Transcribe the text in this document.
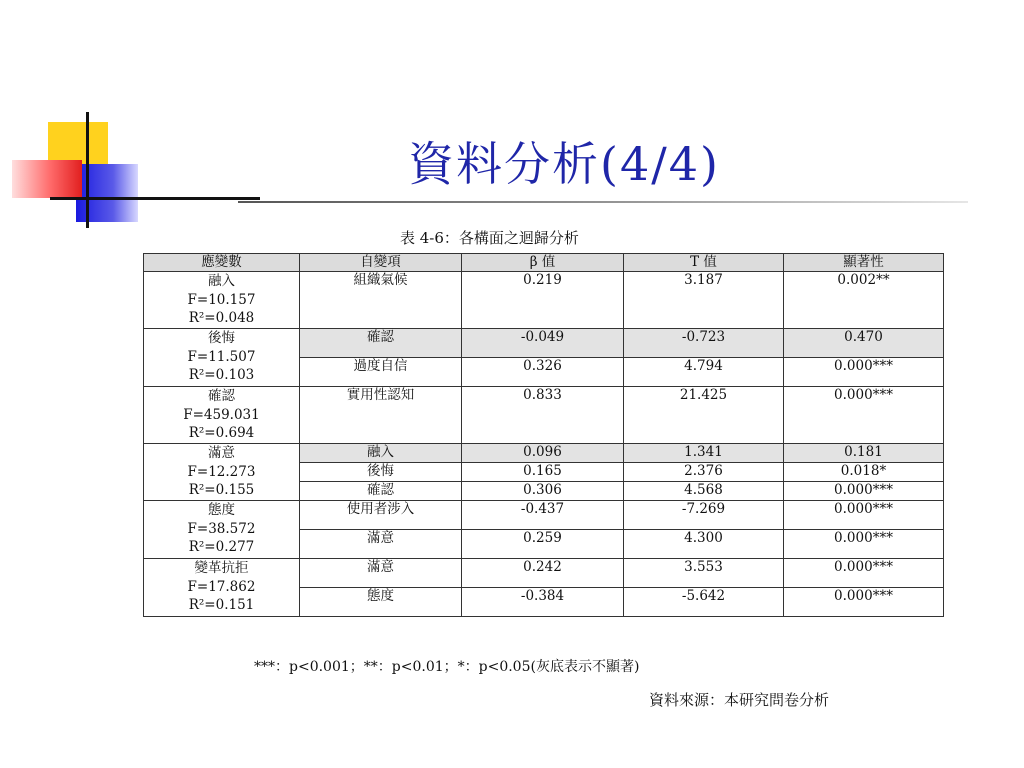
資料分析(4/4)
表 4-6：各構面之迴歸分析
應變數	自變項	β 值	T 值	顯著性

融入
F=10.157
R²=0.048	組織氣候	0.219	3.187	0.002**

後悔
F=11.507
R²=0.103	確認	-0.049	-0.723	0.470
	過度自信	0.326	4.794	0.000***

確認
F=459.031
R²=0.694	實用性認知	0.833	21.425	0.000***

滿意
F=12.273
R²=0.155	融入	0.096	1.341	0.181
	後悔	0.165	2.376	0.018*
	確認	0.306	4.568	0.000***

態度
F=38.572
R²=0.277	使用者涉入	-0.437	-7.269	0.000***
	滿意	0.259	4.300	0.000***

變革抗拒
F=17.862
R²=0.151	滿意	0.242	3.553	0.000***
	態度	-0.384	-5.642	0.000***
***：p<0.001；**：p<0.01；*：p<0.05(灰底表示不顯著)
資料來源：本研究問卷分析
